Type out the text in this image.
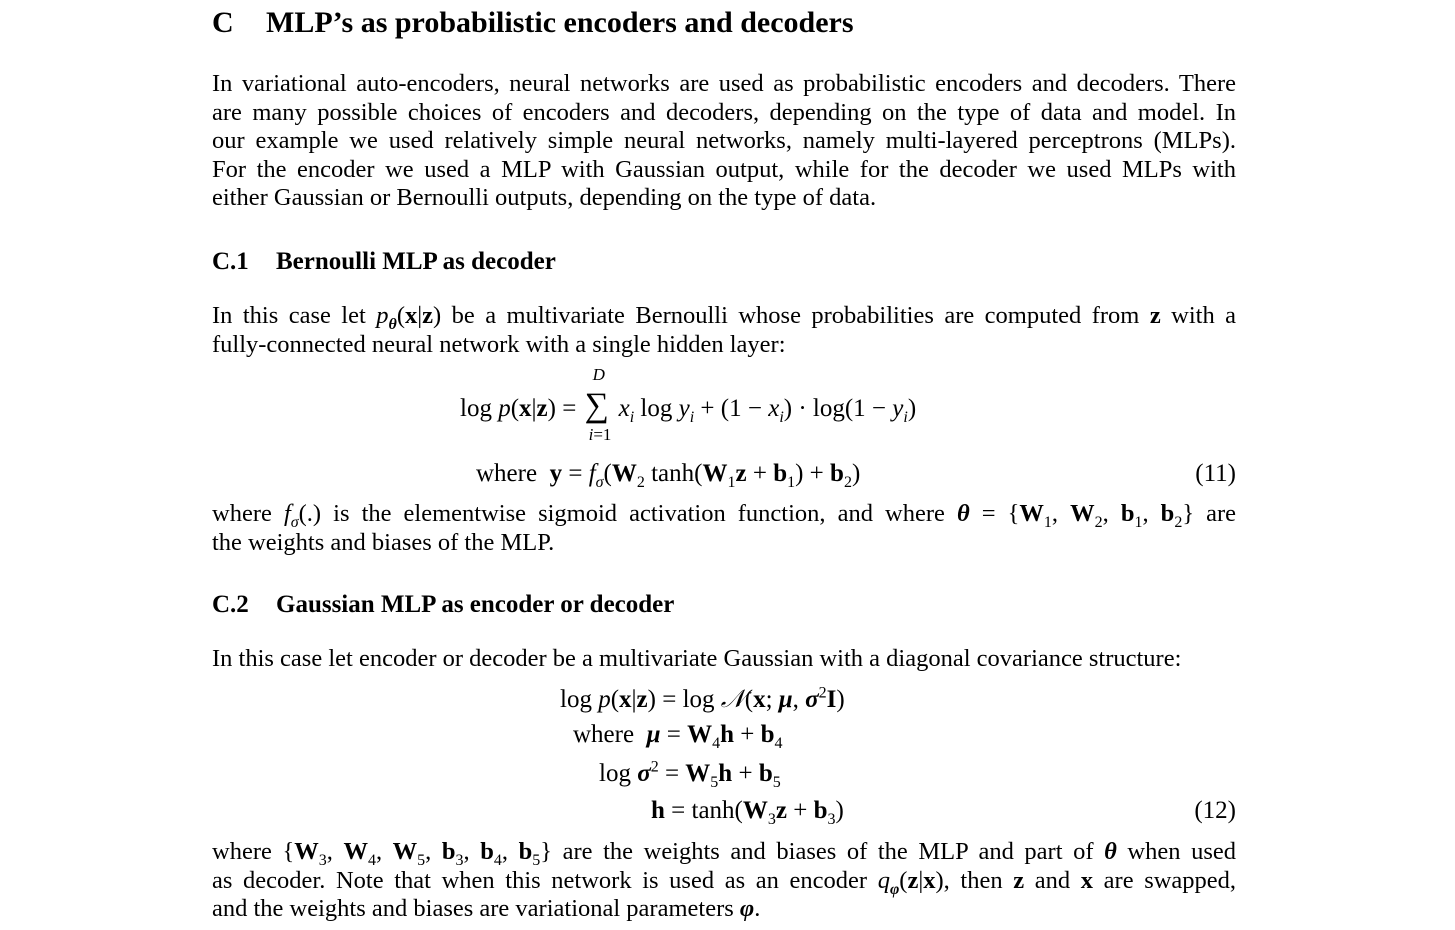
C MLP’s as probabilistic encoders and decoders
In variational auto-encoders, neural networks are used as probabilistic encoders and decoders. There
are many possible choices of encoders and decoders, depending on the type of data and model. In
our example we used relatively simple neural networks, namely multi-layered perceptrons (MLPs).
For the encoder we used a MLP with Gaussian output, while for the decoder we used MLPs with
either Gaussian or Bernoulli outputs, depending on the type of data.
C.1 Bernoulli MLP as decoder
In this case let $p_\theta(x|z)$ be a multivariate Bernoulli whose probabilities are computed from z with a
fully-connected neural network with a single hidden layer:
log p(x|z) = ∑
D
i=1
$x_i$ $\log y_i + (1 - x_i) \cdot \log(1 - y_i)$
where $y = f_\sigma(W_2$ $\tanh(W_1z + b_1) + b_2$)	(11)
where $f_\sigma(.)$ is the elementwise sigmoid activation function, and where $\theta = \{W_1$, $W_2$, $b_1$, $b_2$} are
the weights and biases of the MLP.
C.2 Gaussian MLP as encoder or decoder
In this case let encoder or decoder be a multivariate Gaussian with a diagonal covariance structure:
log p(x|z) = log 𝒩(x; μ, $\sigma^2I$)
where $\mu = W_4h + b_4$
$\log \sigma^2 = W_5h + b_5$
$h = \tanh(W_3z + b_3)$	(12)
where {$W_3$, $W_4$, $W_5$, $b_3$, $b_4$, $b_5$} are the weights and biases of the MLP and part of θ when used
as decoder. Note that when this network is used as an encoder $q_\varphi(z|x)$, then z and x are swapped,
and the weights and biases are variational parameters φ.
